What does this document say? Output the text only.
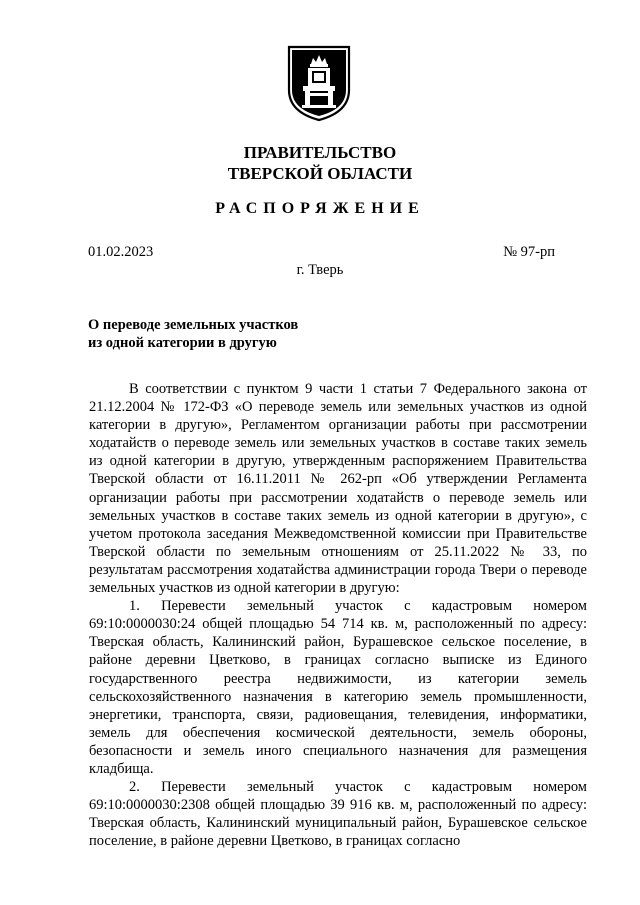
ПРАВИТЕЛЬСТВО
ТВЕРСКОЙ ОБЛАСТИ
РАСПОРЯЖЕНИЕ
01.02.2023	№ 97-рп
г. Тверь
О переводе земельных участков
из одной категории в другую

В соответствии с пунктом 9 части 1 статьи 7 Федерального закона от 21.12.2004 № 172-ФЗ «О переводе земель или земельных участков из одной категории в другую», Регламентом организации работы при рассмотрении ходатайств о переводе земель или земельных участков в составе таких земель из одной категории в другую, утвержденным распоряжением Правительства Тверской области от 16.11.2011 № 262-рп «Об утверждении Регламента организации работы при рассмотрении ходатайств о переводе земель или земельных участков в составе таких земель из одной категории в другую», с учетом протокола заседания Межведомственной комиссии при Правительстве Тверской области по земельным отношениям от 25.11.2022 № 33, по результатам рассмотрения ходатайства администрации города Твери о переводе земельных участков из одной категории в другую:

1. Перевести земельный участок с кадастровым номером 69:10:0000030:24 общей площадью 54 714 кв. м, расположенный по адресу: Тверская область, Калининский район, Бурашевское сельское поселение, в районе деревни Цветково, в границах согласно выписке из Единого государственного реестра недвижимости, из категории земель сельскохозяйственного назначения в категорию земель промышленности, энергетики, транспорта, связи, радиовещания, телевидения, информатики, земель для обеспечения космической деятельности, земель обороны, безопасности и земель иного специального назначения для размещения кладбища.

2. Перевести земельный участок с кадастровым номером 69:10:0000030:2308 общей площадью 39 916 кв. м, расположенный по адресу: Тверская область, Калининский муниципальный район, Бурашевское сельское поселение, в районе деревни Цветково, в границах согласно
